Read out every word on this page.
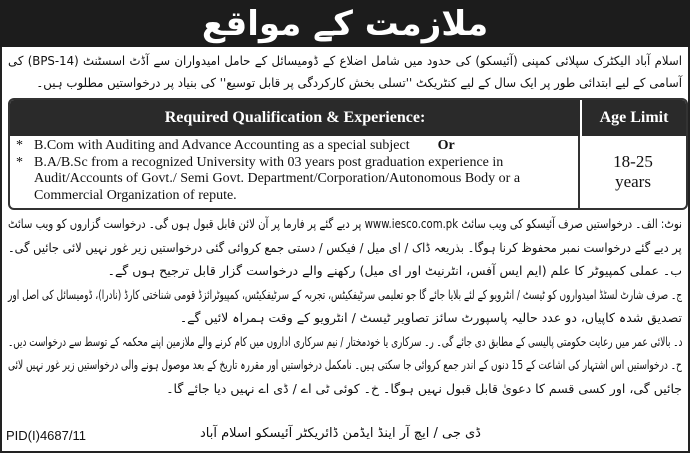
ملازمت کے مواقع
اسلام آباد الیکٹرک سپلائی کمپنی (آئیسکو) کی حدود میں شامل اضلاع کے ڈومیسائل کے حامل امیدواران سے آڈٹ اسسٹنٹ (BPS-14) کی آسامی کے لیے ابتدائی طور پر ایک سال کے لیے کنٹریکٹ ''تسلی بخش کارکردگی پر قابل توسیع'' کی بنیاد پر درخواستیں مطلوب ہیں۔
Required Qualification & Experience:	Age Limit
* B.Com with Auditing and Advance Accounting as a special subject Or
* B.A/B.Sc from a recognized University with 03 years post graduation experience in Audit/Accounts of Govt./ Semi Govt. Department/Corporation/Autonomous Body or a Commercial Organization of repute.
18-25
years

نوٹ: الف۔ درخواستیں صرف آئیسکو کی ویب سائٹ www.iesco.com.pk پر دیے گئے پر فارما پر آن لائن قابل قبول ہوں گی۔ درخواست گزاروں کو ویب سائٹ

پر دیے گئے درخواست نمبر محفوظ کرنا ہوگا۔ بذریعہ ڈاک / ای میل / فیکس / دستی جمع کروائی گئی درخواستیں زیر غور نہیں لائی جائیں گی۔

ب۔ عملی کمپیوٹر کا علم (ایم ایس آفس، انٹرنیٹ اور ای میل) رکھنے والے درخواست گزار قابل ترجیح ہوں گے۔

ج۔ صرف شارٹ لسٹڈ امیدواروں کو ٹیسٹ / انٹرویو کے لئے بلایا جائے گا جو تعلیمی سرٹیفکیٹس، تجربہ کے سرٹیفکیٹس، کمپیوٹرائزڈ قومی شناختی کارڈ (نادرا)، ڈومیسائل کی اصل اور

تصدیق شدہ کاپیاں، دو عدد حالیہ پاسپورٹ سائز تصاویر ٹیسٹ / انٹرویو کے وقت ہمراہ لائیں گے۔

د۔ بالائی عمر میں رعایت حکومتی پالیسی کے مطابق دی جائے گی۔ ر۔ سرکاری یا خودمختار / نیم سرکاری اداروں میں کام کرنے والے ملازمین اپنے محکمہ کے توسط سے درخواست دیں۔

ح۔ درخواستیں اس اشتہار کی اشاعت کے 15 دنوں کے اندر جمع کروائی جا سکتی ہیں۔ نامکمل درخواستیں اور مقررہ تاریخ کے بعد موصول ہونے والی درخواستیں زیر غور نہیں لائی

جائیں گی، اور کسی قسم کا دعویٰ قابل قبول نہیں ہوگا۔ خ۔ کوئی ٹی اے / ڈی اے نہیں دیا جائے گا۔

PID(I)4687/11	ڈی جی / ایچ آر اینڈ ایڈمن ڈائریکٹر آئیسکو اسلام آباد
